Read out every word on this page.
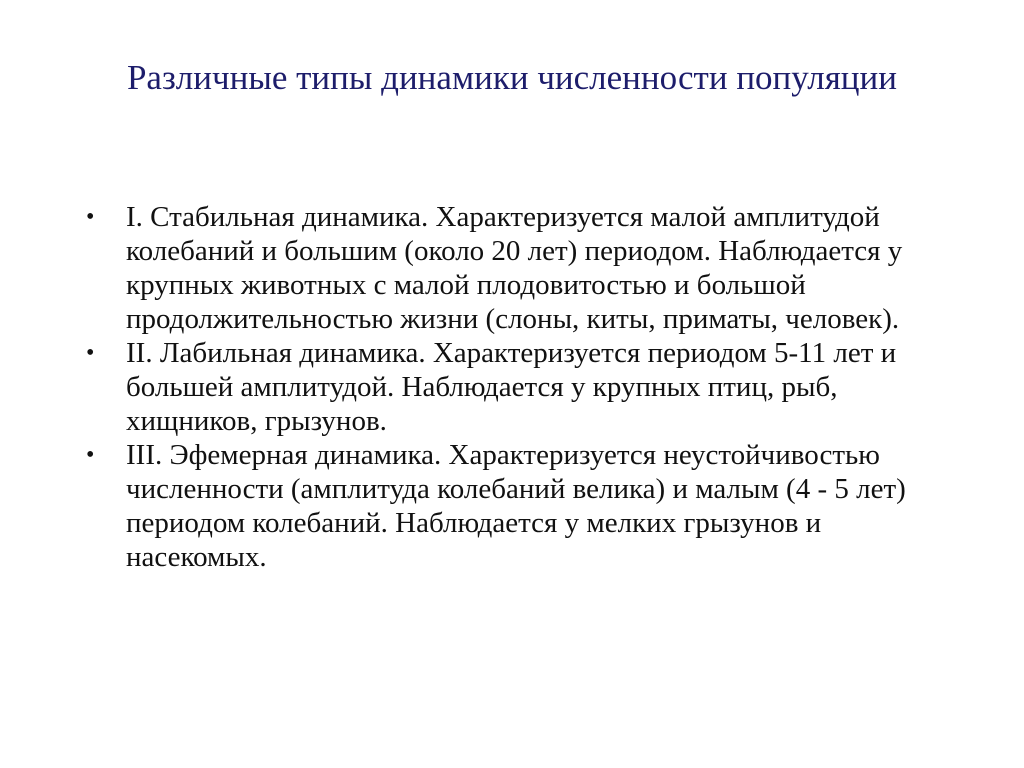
Различные типы динамики численности популяции
•	I. Стабильная динамика. Характеризуется малой амплитудой колебаний и большим (около 20 лет) периодом. Наблюдается у крупных животных с малой плодовитостью и большой продолжительностью жизни (слоны, киты, приматы, человек).
•	II. Лабильная динамика. Характеризуется периодом 5-11 лет и большей амплитудой. Наблюдается у крупных птиц, рыб, хищников, грызунов.
•	III. Эфемерная динамика. Характеризуется неустойчивостью численности (амплитуда колебаний велика) и малым (4 - 5 лет) периодом колебаний. Наблюдается у мелких грызунов и насекомых.
